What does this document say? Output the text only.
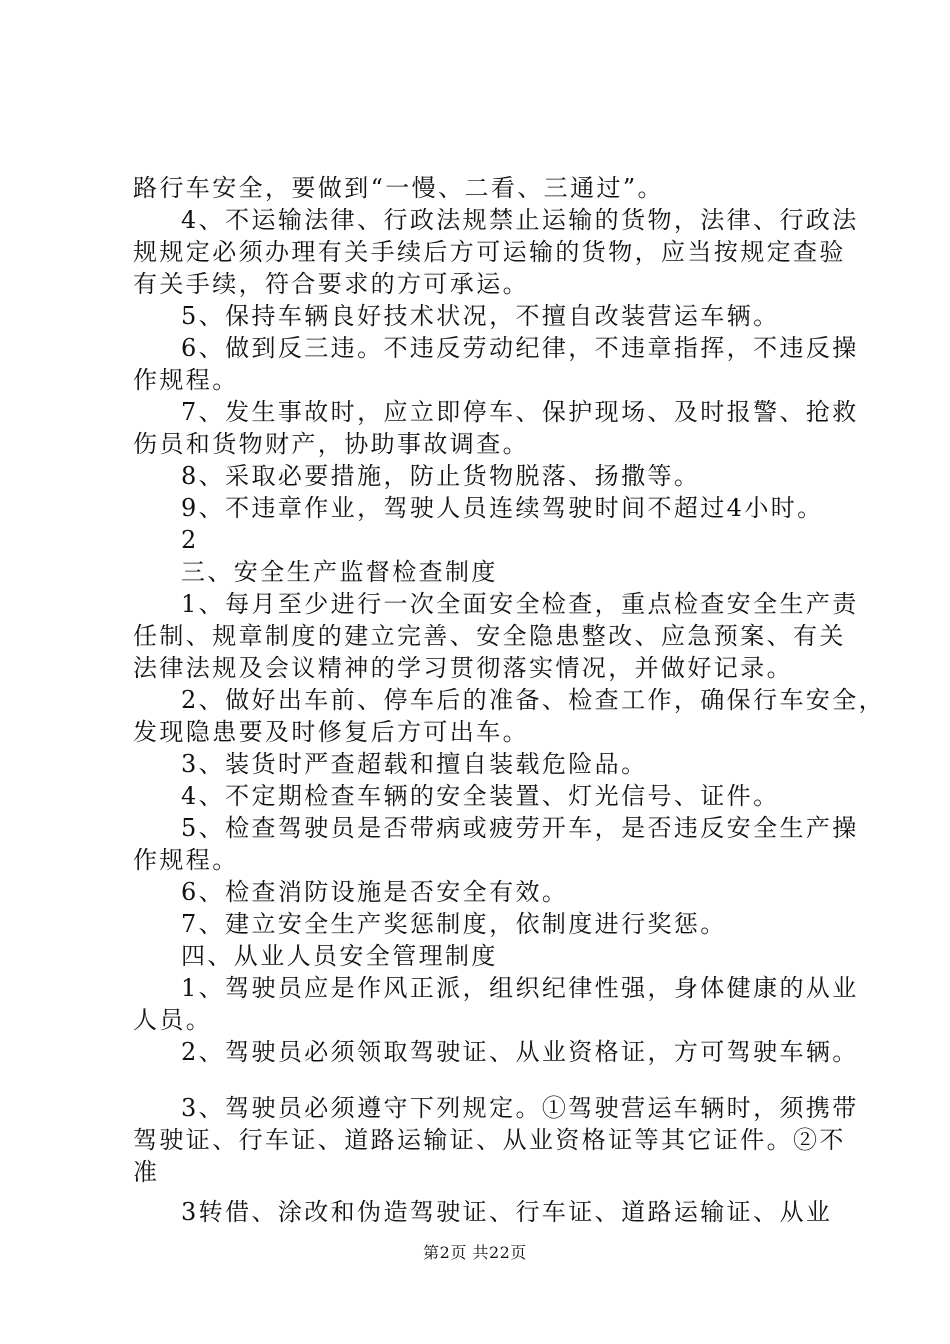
路行车安全，要做到“一慢、二看、三通过”。
4、不运输法律、行政法规禁止运输的货物，法律、行政法
规规定必须办理有关手续后方可运输的货物，应当按规定查验
有关手续，符合要求的方可承运。
5、保持车辆良好技术状况，不擅自改装营运车辆。
6、做到反三违。不违反劳动纪律，不违章指挥，不违反操
作规程。
7、发生事故时，应立即停车、保护现场、及时报警、抢救
伤员和货物财产，协助事故调查。
8、采取必要措施，防止货物脱落、扬撒等。
9、不违章作业，驾驶人员连续驾驶时间不超过4小时。
2
三、安全生产监督检查制度
1、每月至少进行一次全面安全检查，重点检查安全生产责
任制、规章制度的建立完善、安全隐患整改、应急预案、有关
法律法规及会议精神的学习贯彻落实情况，并做好记录。
2、做好出车前、停车后的准备、检查工作，确保行车安全，
发现隐患要及时修复后方可出车。
3、装货时严查超载和擅自装载危险品。
4、不定期检查车辆的安全装置、灯光信号、证件。
5、检查驾驶员是否带病或疲劳开车，是否违反安全生产操
作规程。
6、检查消防设施是否安全有效。
7、建立安全生产奖惩制度，依制度进行奖惩。
四、从业人员安全管理制度
1、驾驶员应是作风正派，组织纪律性强，身体健康的从业
人员。
2、驾驶员必须领取驾驶证、从业资格证，方可驾驶车辆。
3、驾驶员必须遵守下列规定。①驾驶营运车辆时，须携带
驾驶证、行车证、道路运输证、从业资格证等其它证件。②不
准
3转借、涂改和伪造驾驶证、行车证、道路运输证、从业
第2页 共22页
